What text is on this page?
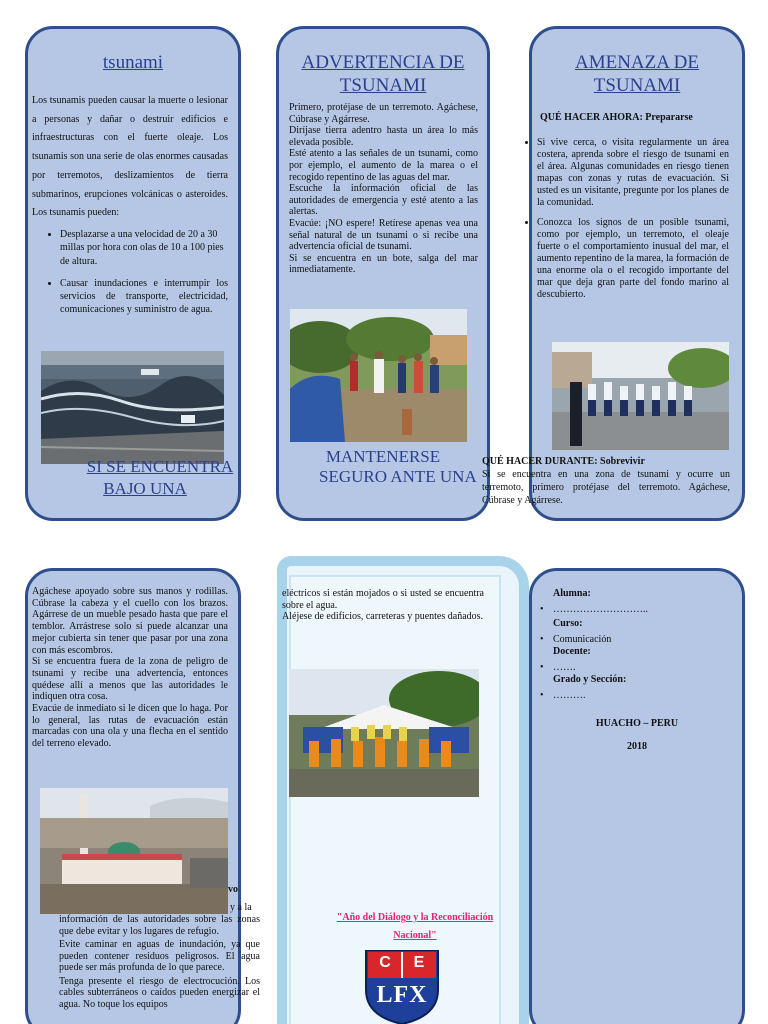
tsunami

Los tsunamis pueden causar la muerte o lesionar a personas y dañar o destruir edificios e infraestructuras con el fuerte oleaje. Los tsunamis son una serie de olas enormes causadas por terremotos, deslizamientos de tierra submarinos, erupciones volcánicas o asteroides. Los tsunamis pueden:

• Desplazarse a una velocidad de 20 a 30 millas por hora con olas de 10 a 100 pies de altura.
• Causar inundaciones e interrumpir los servicios de transporte, electricidad, comunicaciones y suministro de agua.
SI SE ENCUENTRA
BAJO UNA
ADVERTENCIA DE
TSUNAMI

Primero, protéjase de un terremoto. Agáchese, Cúbrase y Agárrese.

Diríjase tierra adentro hasta un área lo más elevada posible.

Esté atento a las señales de un tsunami, como por ejemplo, el aumento de la marea o el recogido repentino de las aguas del mar.

Escuche la información oficial de las autoridades de emergencia y esté atento a las alertas.

Evacúe: ¡NO espere! Retírese apenas vea una señal natural de un tsunami o si recibe una advertencia oficial de tsunami.

Si se encuentra en un bote, salga del mar inmediatamente.

MANTENERSE
SEGURO ANTE UNA
AMENAZA DE
TSUNAMI
QUÉ HACER AHORA: Prepararse
• Si vive cerca, o visita regularmente un área costera, aprenda sobre el riesgo de tsunami en el área. Algunas comunidades en riesgo tienen mapas con zonas y rutas de evacuación. Si usted es un visitante, pregunte por los planes de la comunidad.
• Conozca los signos de un posible tsunami, como por ejemplo, un terremoto, el oleaje fuerte o el comportamiento inusual del mar, el aumento repentino de la marea, la formación de una enorme ola o el recogido importante del mar que deja gran parte del fondo marino al descubierto.

QUÉ HACER DURANTE: Sobrevivir

Si se encuentra en una zona de tsunami y ocurre un terremoto, primero protéjase del terremoto. Agáchese, Cúbrase y Agárrese.

Agáchese apoyado sobre sus manos y rodillas. Cúbrase la cabeza y el cuello con los brazos. Agárrese de un mueble pesado hasta que pare el temblor. Arrástrese solo si puede alcanzar una mejor cubierta sin tener que pasar por una zona con más escombros.

Si se encuentra fuera de la zona de peligro de tsunami y recibe una advertencia, entonces quédese allí a menos que las autoridades le indiquen otra cosa.

Evacúe de inmediato si le dicen que lo haga. Por lo general, las rutas de evacuación están marcadas con una ola y una flecha en el sentido del terreno elevado.

vo
y a la

información de las autoridades sobre las zonas que debe evitar y los lugares de refugio.

Evite caminar en aguas de inundación, ya que pueden contener residuos peligrosos. El agua puede ser más profunda de lo que parece.

Tenga presente el riesgo de electrocución. Los cables subterráneos o caídos pueden energizar el agua. No toque los equipos

eléctricos si están mojados o si usted se encuentra sobre el agua.

Aléjese de edificios, carreteras y puentes dañados.

"Año del Diálogo y la Reconciliación
Nacional"
C	E
LFX
Alumna:
• ………………………..
Curso:
• Comunicación
Docente:
• …….
Grado y Sección:
• ……….
HUACHO – PERU
2018
